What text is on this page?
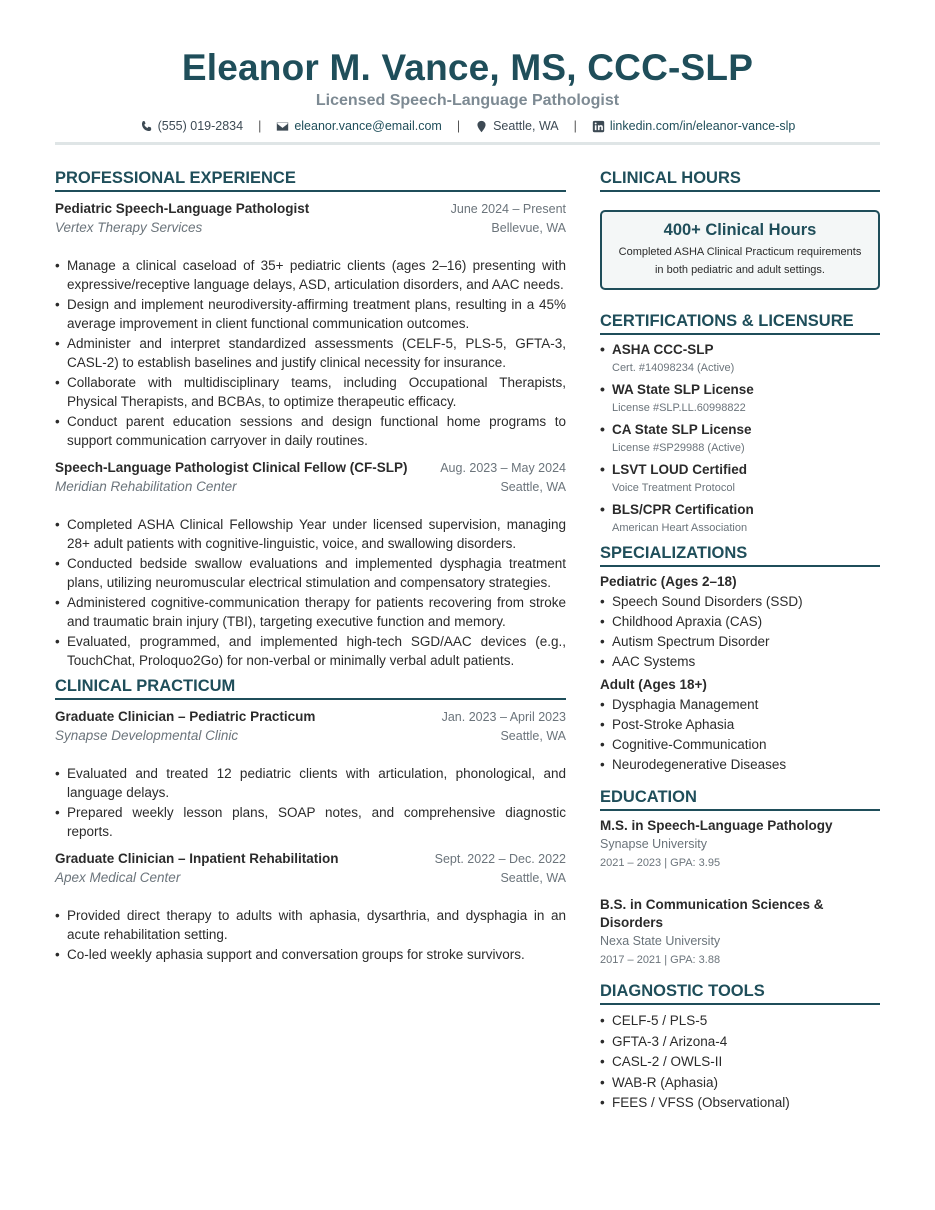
Eleanor M. Vance, MS, CCC-SLP
Licensed Speech-Language Pathologist
(555) 019-2834 |	eleanor.vance@email.com |	Seattle, WA |	linkedin.com/in/eleanor-vance-slp
PROFESSIONAL EXPERIENCE
Pediatric Speech-Language Pathologist	June 2024 – Present
Vertex Therapy Services	Bellevue, WA
• Manage a clinical caseload of 35+ pediatric clients (ages 2–16) presenting with expressive/receptive language delays, ASD, articulation disorders, and AAC needs.
• Design and implement neurodiversity-affirming treatment plans, resulting in a 45% average improvement in client functional communication outcomes.
• Administer and interpret standardized assessments (CELF-5, PLS-5, GFTA-3, CASL-2) to establish baselines and justify clinical necessity for insurance.
• Collaborate with multidisciplinary teams, including Occupational Therapists, Physical Therapists, and BCBAs, to optimize therapeutic efficacy.
• Conduct parent education sessions and design functional home programs to support communication carryover in daily routines.
Speech-Language Pathologist Clinical Fellow (CF-SLP)	Aug. 2023 – May 2024
Meridian Rehabilitation Center	Seattle, WA
• Completed ASHA Clinical Fellowship Year under licensed supervision, managing 28+ adult patients with cognitive-linguistic, voice, and swallowing disorders.
• Conducted bedside swallow evaluations and implemented dysphagia treatment plans, utilizing neuromuscular electrical stimulation and compensatory strategies.
• Administered cognitive-communication therapy for patients recovering from stroke and traumatic brain injury (TBI), targeting executive function and memory.
• Evaluated, programmed, and implemented high-tech SGD/AAC devices (e.g., TouchChat, Proloquo2Go) for non-verbal or minimally verbal adult patients.
CLINICAL PRACTICUM
Graduate Clinician – Pediatric Practicum	Jan. 2023 – April 2023
Synapse Developmental Clinic	Seattle, WA
• Evaluated and treated 12 pediatric clients with articulation, phonological, and language delays.
• Prepared weekly lesson plans, SOAP notes, and comprehensive diagnostic reports.
Graduate Clinician – Inpatient Rehabilitation	Sept. 2022 – Dec. 2022
Apex Medical Center	Seattle, WA
• Provided direct therapy to adults with aphasia, dysarthria, and dysphagia in an acute rehabilitation setting.
• Co-led weekly aphasia support and conversation groups for stroke survivors.
CLINICAL HOURS
400+ Clinical Hours
Completed ASHA Clinical Practicum requirements
in both pediatric and adult settings.
CERTIFICATIONS & LICENSURE
• ASHA CCC-SLP
Cert. #14098234 (Active)
• WA State SLP License
License #SLP.LL.60998822
• CA State SLP License
License #SP29988 (Active)
• LSVT LOUD Certified
Voice Treatment Protocol
• BLS/CPR Certification
American Heart Association
SPECIALIZATIONS
Pediatric (Ages 2–18)
• Speech Sound Disorders (SSD)
• Childhood Apraxia (CAS)
• Autism Spectrum Disorder
• AAC Systems
Adult (Ages 18+)
• Dysphagia Management
• Post-Stroke Aphasia
• Cognitive-Communication
• Neurodegenerative Diseases
EDUCATION
M.S. in Speech-Language Pathology
Synapse University
2021 – 2023 | GPA: 3.95
B.S. in Communication Sciences & Disorders
Nexa State University
2017 – 2021 | GPA: 3.88
DIAGNOSTIC TOOLS
• CELF-5 / PLS-5
• GFTA-3 / Arizona-4
• CASL-2 / OWLS-II
• WAB-R (Aphasia)
• FEES / VFSS (Observational)
